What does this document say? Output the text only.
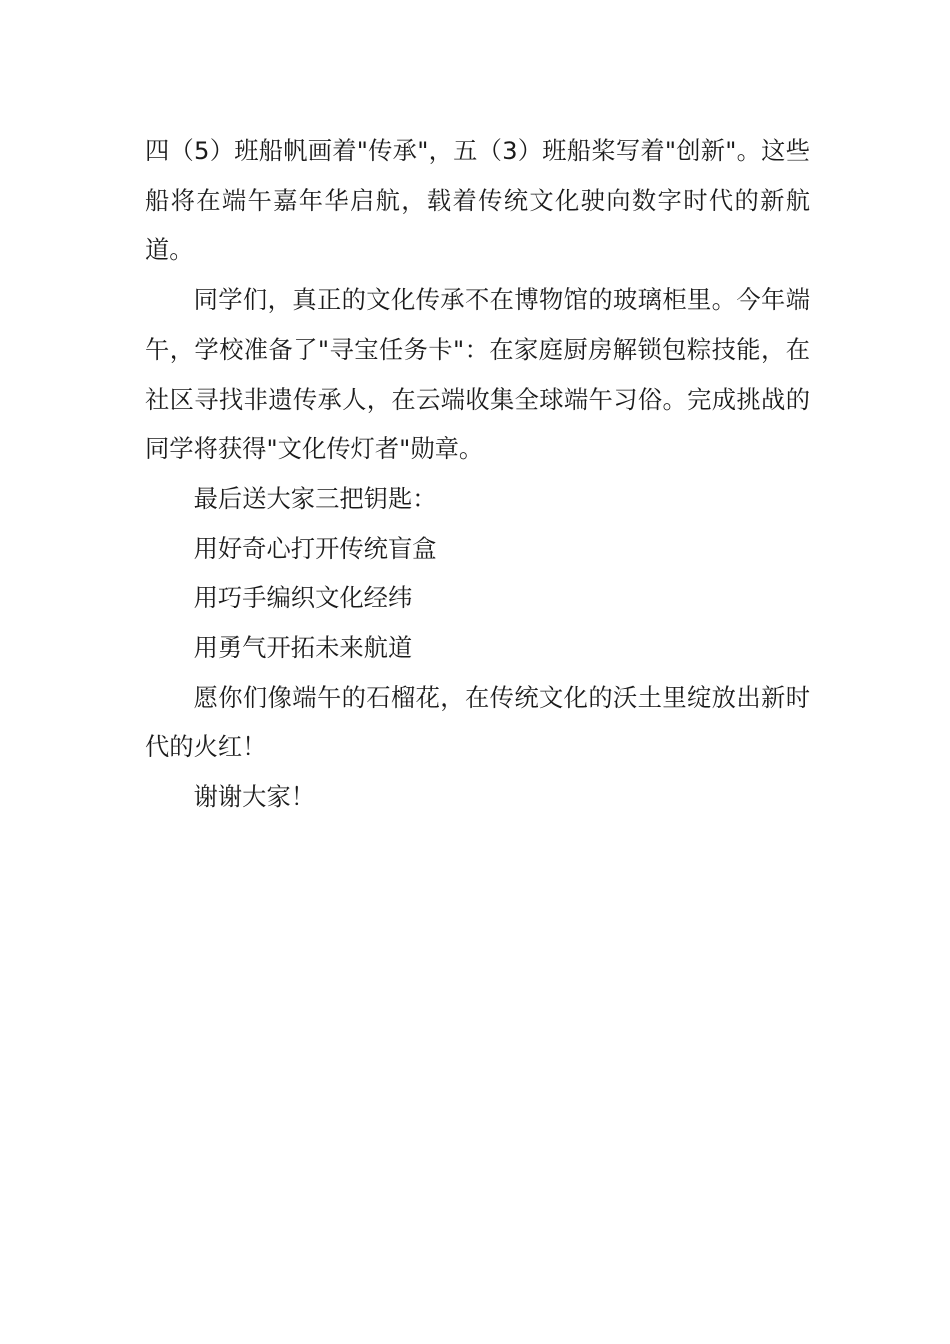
四（5）班船帆画着"传承"，五（3）班船桨写着"创新"。这些船将在端午嘉年华启航，载着传统文化驶向数字时代的新航道。

同学们，真正的文化传承不在博物馆的玻璃柜里。今年端午，学校准备了"寻宝任务卡"：在家庭厨房解锁包粽技能，在社区寻找非遗传承人，在云端收集全球端午习俗。完成挑战的同学将获得"文化传灯者"勋章。

最后送大家三把钥匙：

用好奇心打开传统盲盒

用巧手编织文化经纬

用勇气开拓未来航道

愿你们像端午的石榴花，在传统文化的沃土里绽放出新时代的火红！

谢谢大家！
